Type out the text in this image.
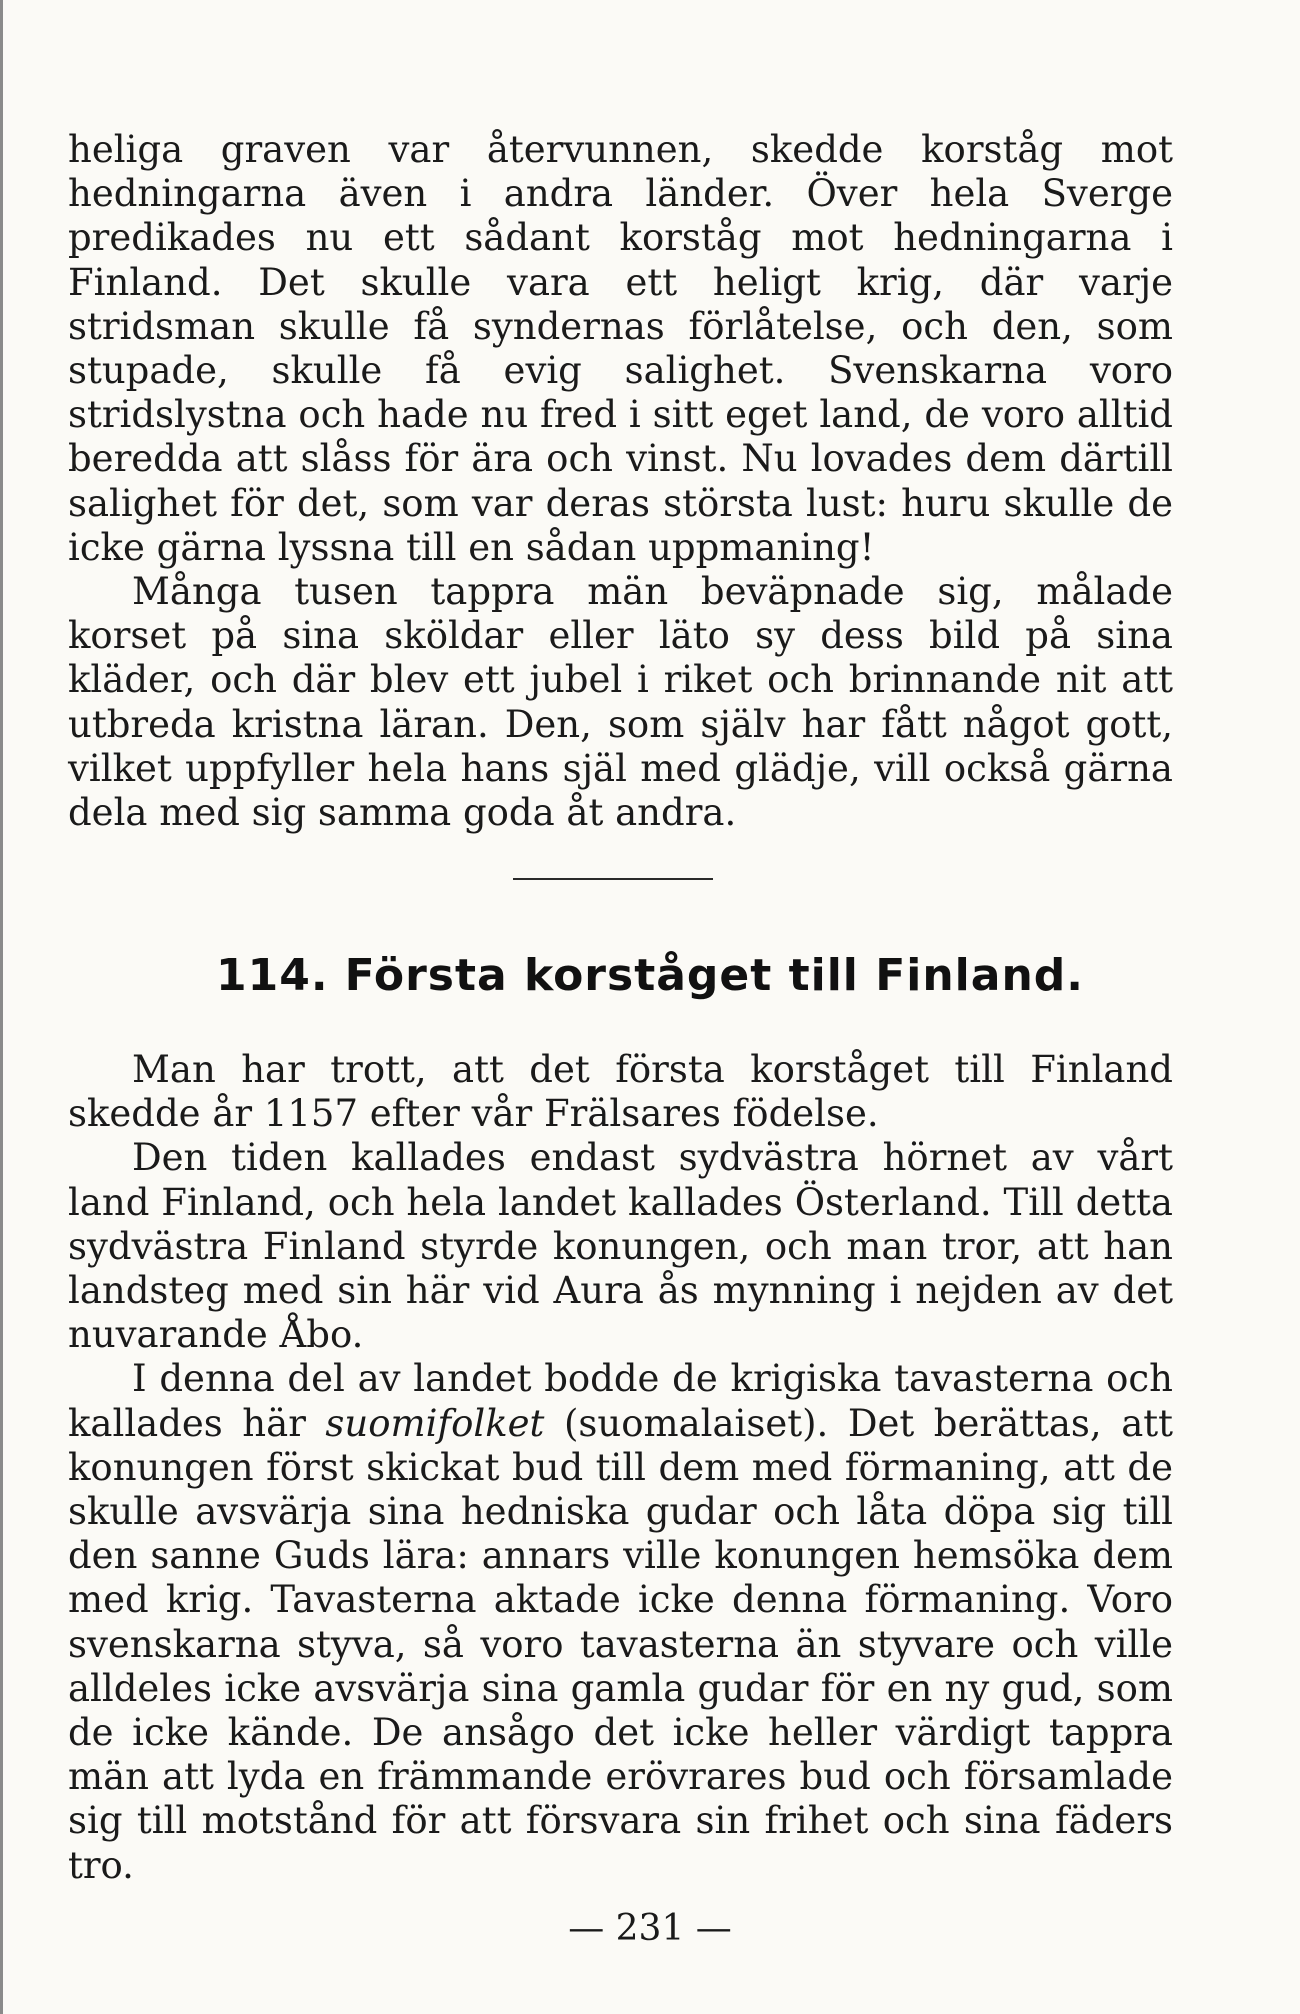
heliga graven var återvunnen, skedde korståg mot hedningarna även i andra länder. Över hela Sverge predikades nu ett sådant korståg mot hedningarna i Finland. Det skulle vara ett heligt krig, där varje stridsman skulle få syndernas förlåtelse, och den, som stupade, skulle få evig salighet. Svenskarna voro stridslystna och hade nu fred i sitt eget land, de voro alltid beredda att slåss för ära och vinst. Nu lovades dem därtill salighet för det, som var deras största lust: huru skulle de icke gärna lyssna till en sådan uppmaning!

Många tusen tappra män beväpnade sig, målade korset på sina sköldar eller läto sy dess bild på sina kläder, och där blev ett jubel i riket och brinnande nit att utbreda kristna läran. Den, som själv har fått något gott, vilket uppfyller hela hans själ med glädje, vill också gärna dela med sig samma goda åt andra.

114. Första korståget till Finland.

Man har trott, att det första korståget till Finland skedde år 1157 efter vår Frälsares födelse.

Den tiden kallades endast sydvästra hörnet av vårt land Finland, och hela landet kallades Österland. Till detta sydvästra Finland styrde konungen, och man tror, att han landsteg med sin här vid Aura ås mynning i nejden av det nuvarande Åbo.

I denna del av landet bodde de krigiska tavasterna och kallades här suomifolket (suomalaiset). Det berättas, att konungen först skickat bud till dem med förmaning, att de skulle avsvärja sina hedniska gudar och låta döpa sig till den sanne Guds lära: annars ville konungen hemsöka dem med krig. Tavasterna aktade icke denna förmaning. Voro svenskarna styva, så voro tavasterna än styvare och ville alldeles icke avsvärja sina gamla gudar för en ny gud, som de icke kände. De ansågo det icke heller värdigt tappra män att lyda en främmande erövrares bud och församlade sig till motstånd för att försvara sin frihet och sina fäders tro.

— 231 —
